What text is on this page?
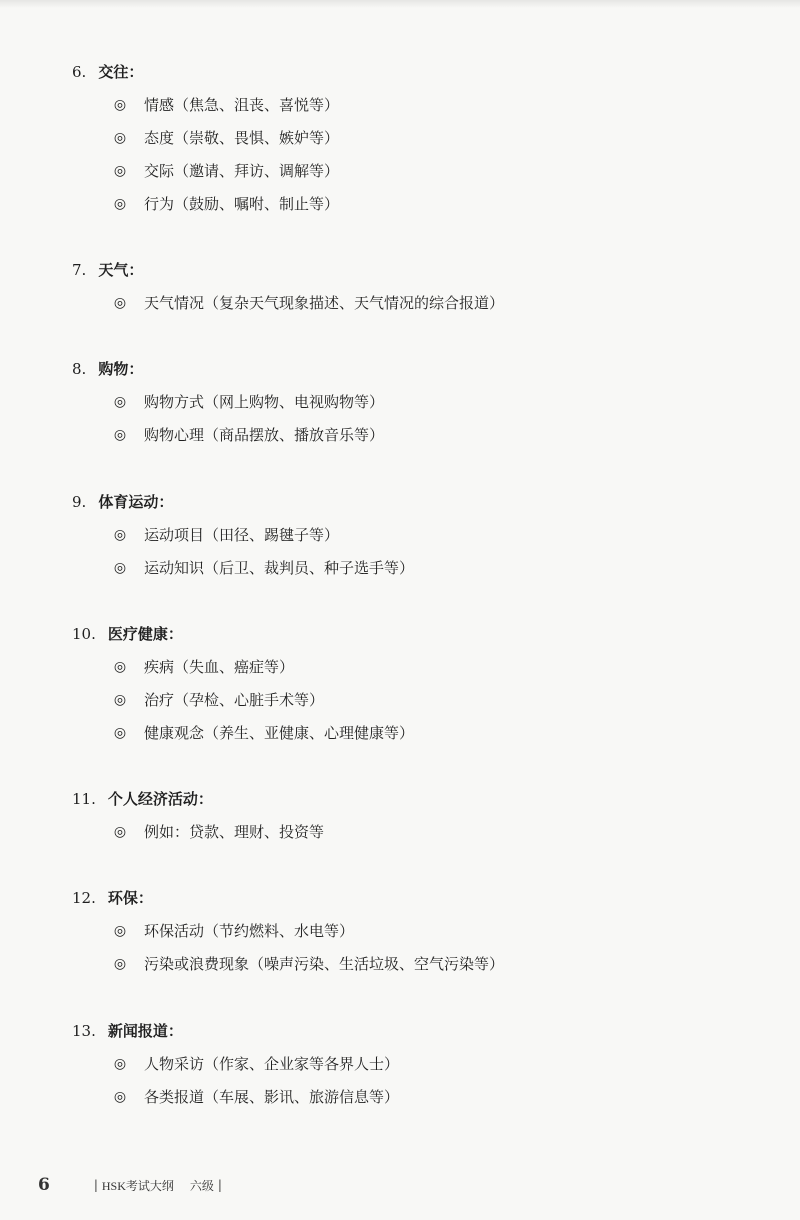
6. 交往：
◎ 情感（焦急、沮丧、喜悦等）
◎ 态度（崇敬、畏惧、嫉妒等）
◎ 交际（邀请、拜访、调解等）
◎ 行为（鼓励、嘱咐、制止等）
7. 天气：
◎ 天气情况（复杂天气现象描述、天气情况的综合报道）
8. 购物：
◎ 购物方式（网上购物、电视购物等）
◎ 购物心理（商品摆放、播放音乐等）
9. 体育运动：
◎ 运动项目（田径、踢毽子等）
◎ 运动知识（后卫、裁判员、种子选手等）
10. 医疗健康：
◎ 疾病（失血、癌症等）
◎ 治疗（孕检、心脏手术等）
◎ 健康观念（养生、亚健康、心理健康等）
11. 个人经济活动：
◎ 例如：贷款、理财、投资等
12. 环保：
◎ 环保活动（节约燃料、水电等）
◎ 污染或浪费现象（噪声污染、生活垃圾、空气污染等）
13. 新闻报道：
◎ 人物采访（作家、企业家等各界人士）
◎ 各类报道（车展、影讯、旅游信息等）
6	| HSK考试大纲 六级 |
